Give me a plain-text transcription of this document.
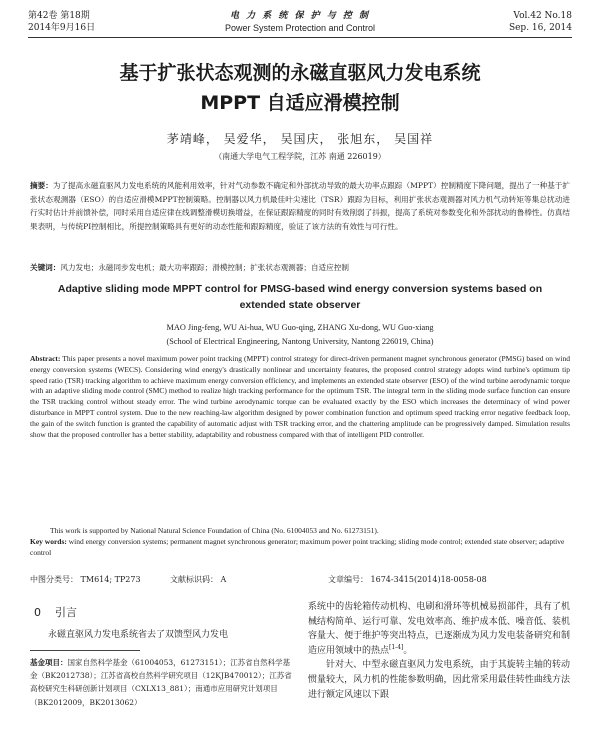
第42卷 第18期
2014年9月16日
电 力 系 统 保 护 与 控 制
Power System Protection and Control
Vol.42 No.18
Sep. 16, 2014
基于扩张状态观测的永磁直驱风力发电系统
MPPT 自适应滑模控制
茅靖峰， 吴爱华， 吴国庆， 张旭东， 吴国祥
（南通大学电气工程学院，江苏 南通 226019）
摘要：为了提高永磁直驱风力发电系统的风能利用效率，针对气动参数不确定和外部扰动导致的最大功率点跟踪（MPPT）控制精度下降问题，提出了一种基于扩张状态观测器（ESO）的自适应滑模MPPT控制策略。控制器以风力机最佳叶尖速比（TSR）跟踪为目标，利用扩张状态观测器对风力机气动转矩等集总扰动进行实时估计并前馈补偿，同时采用自适应律在线调整滑模切换增益，在保证跟踪精度的同时有效削弱了抖振，提高了系统对参数变化和外部扰动的鲁棒性。仿真结果表明，与传统PI控制相比，所提控制策略具有更好的动态性能和跟踪精度，验证了该方法的有效性与可行性。
关键词：风力发电；永磁同步发电机；最大功率跟踪；滑模控制；扩张状态观测器；自适应控制
Adaptive sliding mode MPPT control for PMSG-based wind energy conversion systems based on extended state observer
MAO Jing-feng, WU Ai-hua, WU Guo-qing, ZHANG Xu-dong, WU Guo-xiang
(School of Electrical Engineering, Nantong University, Nantong 226019, China)
Abstract: This paper presents a novel maximum power point tracking (MPPT) control strategy for direct-driven permanent magnet synchronous generator (PMSG) based on wind energy conversion systems (WECS). Considering wind energy's drastically nonlinear and uncertainty features, the proposed control strategy adopts wind turbine's optimum tip speed ratio (TSR) tracking algorithm to achieve maximum energy conversion efficiency, and implements an extended state observer (ESO) of the wind turbine aerodynamic torque with an adaptive sliding mode control (SMC) method to realize high tracking performance for the optimum TSR. The integral term in the sliding mode surface function can ensure the TSR tracking control without steady error. The wind turbine aerodynamic torque can be evaluated exactly by the ESO which increases the determinacy of wind power disturbance in MPPT control system. Due to the new reaching-law algorithm designed by power combination function and optimum speed tracking error negative feedback loop, the gain of the switch function is granted the capability of automatic adjust with TSR tracking error, and the chattering amplitude can be progressively damped. Simulation results show that the proposed controller has a better stability, adaptability and robustness compared with that of intelligent PID controller.
This work is supported by National Natural Science Foundation of China (No. 61004053 and No. 61273151).
Key words: wind energy conversion systems; permanent magnet synchronous generator; maximum power point tracking; sliding mode control; extended state observer; adaptive control
中图分类号： TM614; TP273	文献标识码： A	文章编号： 1674-3415(2014)18-0058-08
0 引言
永磁直驱风力发电系统省去了双馈型风力发电
基金项目：国家自然科学基金（61004053，61273151）；江苏省自然科学基金（BK2012738）；江苏省高校自然科学研究项目（12KJB470012）；江苏省高校研究生科研创新计划项目（CXLX13_881）；南通市应用研究计划项目（BK2012009，BK2013062）

系统中的齿轮箱传动机构、电刷和滑环等机械易损部件，具有了机械结构简单、运行可靠、发电效率高、维护成本低、噪音低、装机容量大、便于维护等突出特点，已逐渐成为风力发电装备研究和制造应用领域中的热点[1-4]。

针对大、中型永磁直驱风力发电系统，由于其旋转主轴的转动惯量较大，风力机的性能参数明确，因此常采用最佳转性曲线方法进行额定风速以下跟
